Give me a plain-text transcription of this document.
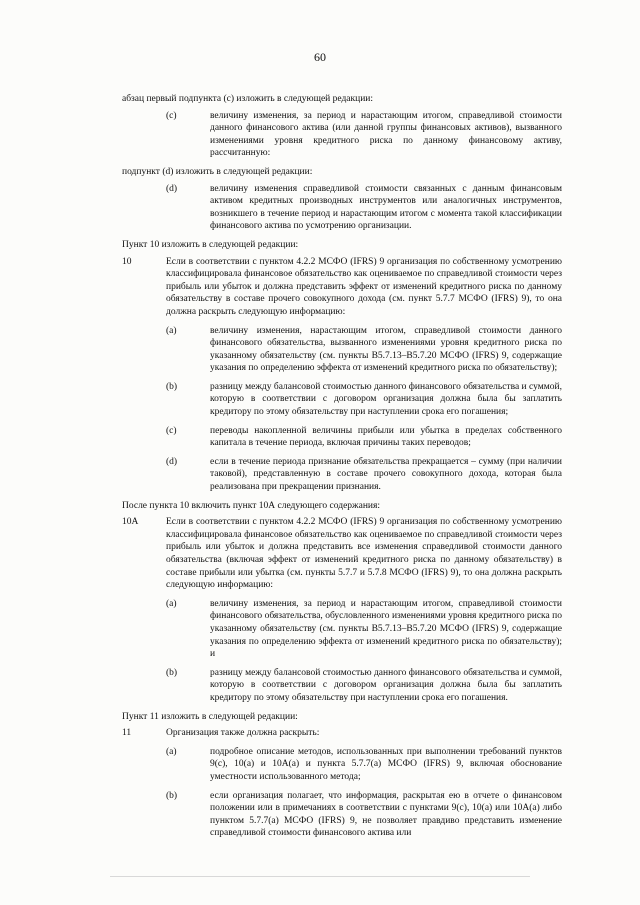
60

абзац первый подпункта (c) изложить в следующей редакции:

(c)	величину изменения, за период и нарастающим итогом, справедливой стоимости данного финансового актива (или данной группы финансовых активов), вызванного изменениями уровня кредитного риска по данному финансовому активу, рассчитанную:

подпункт (d) изложить в следующей редакции:

(d)	величину изменения справедливой стоимости связанных с данным финансовым активом кредитных производных инструментов или аналогичных инструментов, возникшего в течение период и нарастающим итогом с момента такой классификации финансового актива по усмотрению организации.

Пункт 10 изложить в следующей редакции:

10	Если в соответствии с пунктом 4.2.2 МСФО (IFRS) 9 организация по собственному усмотрению классифицировала финансовое обязательство как оцениваемое по справедливой стоимости через прибыль или убыток и должна представить эффект от изменений кредитного риска по данному обязательству в составе прочего совокупного дохода (см. пункт 5.7.7 МСФО (IFRS) 9), то она должна раскрыть следующую информацию:
(a)	величину изменения, нарастающим итогом, справедливой стоимости данного финансового обязательства, вызванного изменениями уровня кредитного риска по указанному обязательству (см. пункты B5.7.13–B5.7.20 МСФО (IFRS) 9, содержащие указания по определению эффекта от изменений кредитного риска по обязательству);
(b)	разницу между балансовой стоимостью данного финансового обязательства и суммой, которую в соответствии с договором организация должна была бы заплатить кредитору по этому обязательству при наступлении срока его погашения;
(c)	переводы накопленной величины прибыли или убытка в пределах собственного капитала в течение периода, включая причины таких переводов;
(d)	если в течение периода признание обязательства прекращается – сумму (при наличии таковой), представленную в составе прочего совокупного дохода, которая была реализована при прекращении признания.

После пункта 10 включить пункт 10А следующего содержания:

10A	Если в соответствии с пунктом 4.2.2 МСФО (IFRS) 9 организация по собственному усмотрению классифицировала финансовое обязательство как оцениваемое по справедливой стоимости через прибыль или убыток и должна представить все изменения справедливой стоимости данного обязательства (включая эффект от изменений кредитного риска по данному обязательству) в составе прибыли или убытка (см. пункты 5.7.7 и 5.7.8 МСФО (IFRS) 9), то она должна раскрыть следующую информацию:
(a)	величину изменения, за период и нарастающим итогом, справедливой стоимости финансового обязательства, обусловленного изменениями уровня кредитного риска по указанному обязательству (см. пункты B5.7.13–B5.7.20 МСФО (IFRS) 9, содержащие указания по определению эффекта от изменений кредитного риска по обязательству); и
(b)	разницу между балансовой стоимостью данного финансового обязательства и суммой, которую в соответствии с договором организация должна была бы заплатить кредитору по этому обязательству при наступлении срока его погашения.

Пункт 11 изложить в следующей редакции:

11	Организация также должна раскрыть:
(a)	подробное описание методов, использованных при выполнении требований пунктов 9(c), 10(a) и 10A(a) и пункта 5.7.7(a) МСФО (IFRS) 9, включая обоснование уместности использованного метода;
(b)	если организация полагает, что информация, раскрытая ею в отчете о финансовом положении или в примечаниях в соответствии с пунктами 9(c), 10(a) или 10A(a) либо пунктом 5.7.7(a) МСФО (IFRS) 9, не позволяет правдиво представить изменение справедливой стоимости финансового актива или
